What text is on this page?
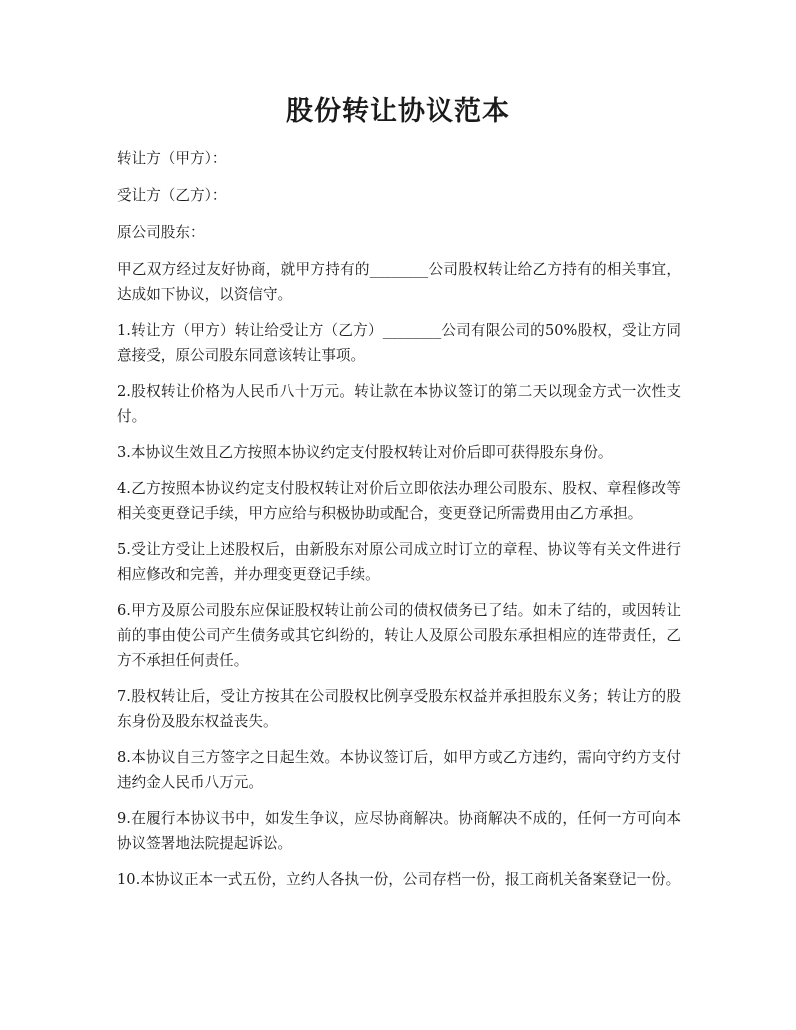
股份转让协议范本

转让方（甲方）：

受让方（乙方）：

原公司股东：

甲乙双方经过友好协商，就甲方持有的________公司股权转让给乙方持有的相关事宜，达成如下协议，以资信守。

1.转让方（甲方）转让给受让方（乙方）________公司有限公司的50%股权，受让方同意接受，原公司股东同意该转让事项。

2.股权转让价格为人民币八十万元。转让款在本协议签订的第二天以现金方式一次性支付。

3.本协议生效且乙方按照本协议约定支付股权转让对价后即可获得股东身份。

4.乙方按照本协议约定支付股权转让对价后立即依法办理公司股东、股权、章程修改等相关变更登记手续，甲方应给与积极协助或配合，变更登记所需费用由乙方承担。

5.受让方受让上述股权后，由新股东对原公司成立时订立的章程、协议等有关文件进行相应修改和完善，并办理变更登记手续。

6.甲方及原公司股东应保证股权转让前公司的债权债务已了结。如未了结的，或因转让前的事由使公司产生债务或其它纠纷的，转让人及原公司股东承担相应的连带责任，乙方不承担任何责任。

7.股权转让后，受让方按其在公司股权比例享受股东权益并承担股东义务；转让方的股东身份及股东权益丧失。

8.本协议自三方签字之日起生效。本协议签订后，如甲方或乙方违约，需向守约方支付违约金人民币八万元。

9.在履行本协议书中，如发生争议，应尽协商解决。协商解决不成的，任何一方可向本协议签署地法院提起诉讼。

10.本协议正本一式五份，立约人各执一份，公司存档一份，报工商机关备案登记一份。
